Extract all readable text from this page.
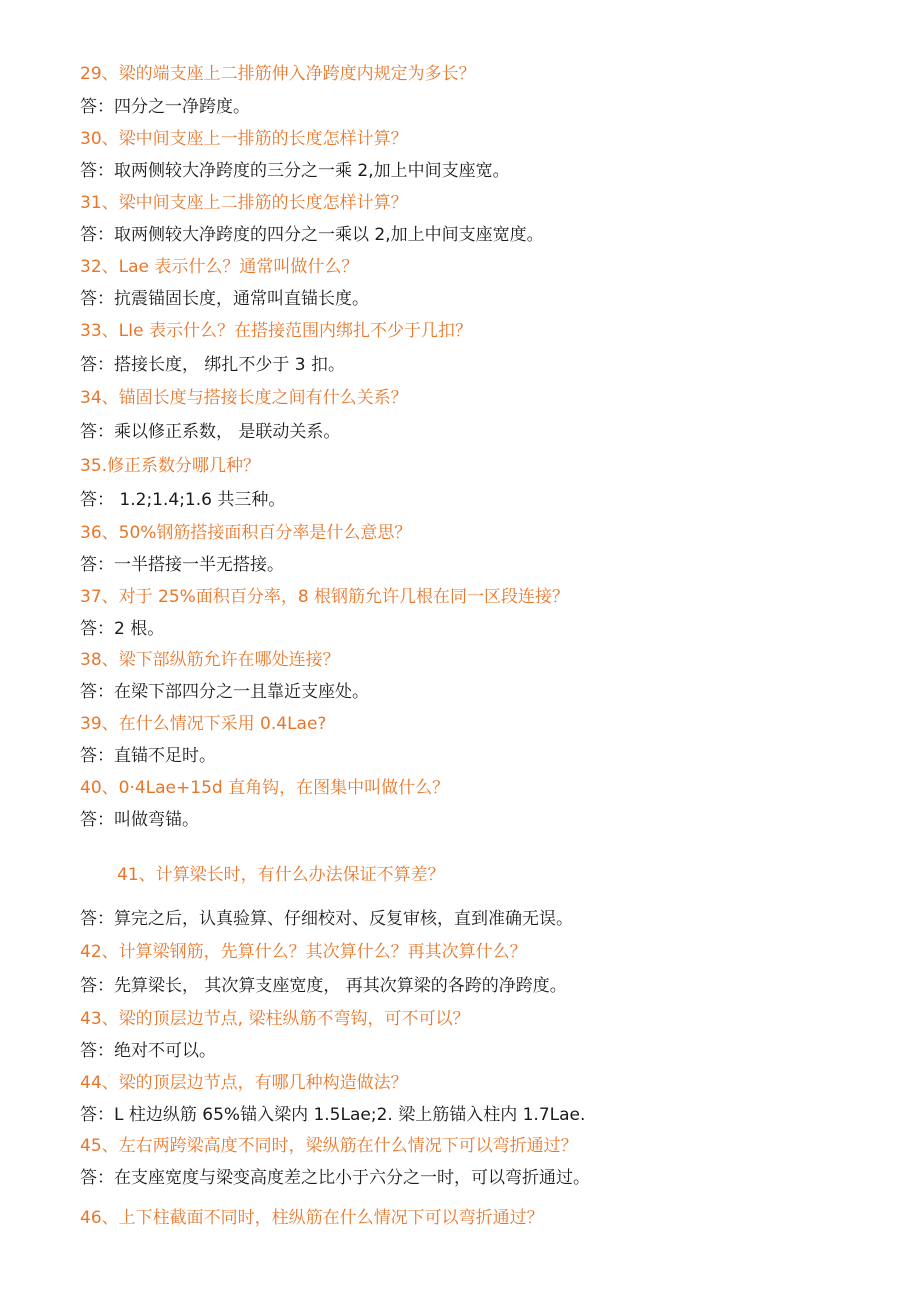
29、梁的端支座上二排筋伸入净跨度内规定为多长？
答：四分之一净跨度。
30、梁中间支座上一排筋的长度怎样计算？
答：取两侧较大净跨度的三分之一乘 2,加上中间支座宽。
31、梁中间支座上二排筋的长度怎样计算？
答：取两侧较大净跨度的四分之一乘以 2,加上中间支座宽度。
32、Lae 表示什么？通常叫做什么？
答：抗震锚固长度，通常叫直锚长度。
33、LIe 表示什么？在搭接范围内绑扎不少于几扣？
答：搭接长度， 绑扎不少于 3 扣。
34、锚固长度与搭接长度之间有什么关系？
答：乘以修正系数， 是联动关系。
35.修正系数分哪几种？
答： 1.2;1.4;1.6 共三种。
36、50%钢筋搭接面积百分率是什么意思？
答：一半搭接一半无搭接。
37、对于 25%面积百分率，8 根钢筋允许几根在同一区段连接？
答：2 根。
38、梁下部纵筋允许在哪处连接？
答：在梁下部四分之一且靠近支座处。
39、在什么情况下采用 0.4Lae?
答：直锚不足时。
40、0·4Lae+15d 直角钩，在图集中叫做什么？
答：叫做弯锚。
41、计算梁长时，有什么办法保证不算差？
答：算完之后，认真验算、仔细校对、反复审核，直到准确无误。
42、计算梁钢筋，先算什么？其次算什么？再其次算什么？
答：先算梁长， 其次算支座宽度， 再其次算梁的各跨的净跨度。
43、梁的顶层边节点, 梁柱纵筋不弯钩，可不可以？
答：绝对不可以。
44、梁的顶层边节点，有哪几种构造做法？
答：L 柱边纵筋 65%锚入梁内 1.5Lae;2. 梁上筋锚入柱内 1.7Lae.
45、左右两跨梁高度不同时，梁纵筋在什么情况下可以弯折通过？
答：在支座宽度与梁变高度差之比小于六分之一时，可以弯折通过。
46、上下柱截面不同时，柱纵筋在什么情况下可以弯折通过？
